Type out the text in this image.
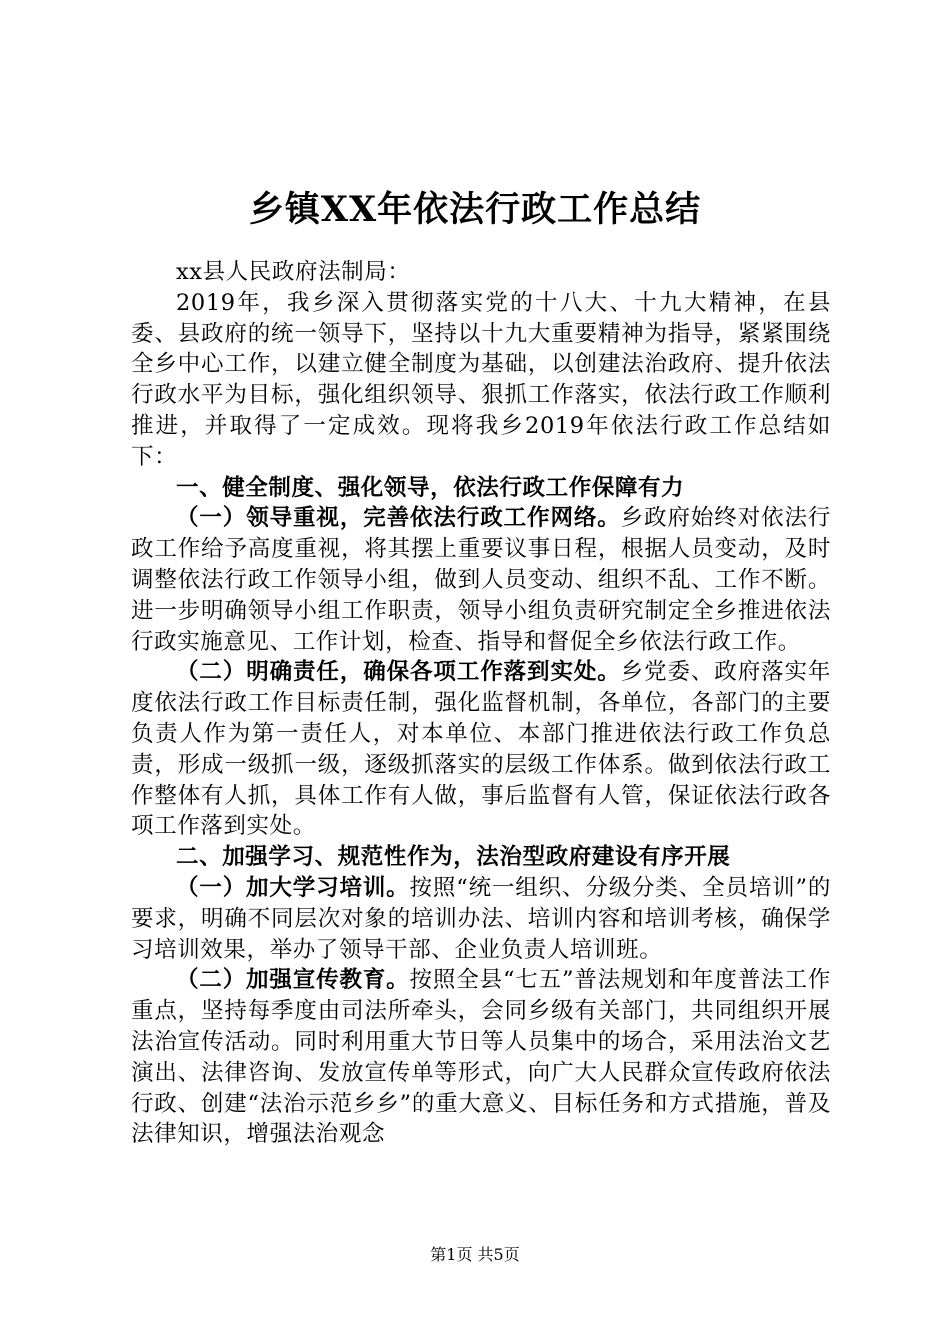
乡镇XX年依法行政工作总结

xx县人民政府法制局：

2019年，我乡深入贯彻落实党的十八大、十九大精神，在县委、县政府的统一领导下，坚持以十九大重要精神为指导，紧紧围绕全乡中心工作，以建立健全制度为基础，以创建法治政府、提升依法行政水平为目标，强化组织领导、狠抓工作落实，依法行政工作顺利推进，并取得了一定成效。现将我乡2019年依法行政工作总结如下：

一、健全制度、强化领导，依法行政工作保障有力

（一）领导重视，完善依法行政工作网络。乡政府始终对依法行政工作给予高度重视，将其摆上重要议事日程，根据人员变动，及时调整依法行政工作领导小组，做到人员变动、组织不乱、工作不断。进一步明确领导小组工作职责，领导小组负责研究制定全乡推进依法行政实施意见、工作计划，检查、指导和督促全乡依法行政工作。

（二）明确责任，确保各项工作落到实处。乡党委、政府落实年度依法行政工作目标责任制，强化监督机制，各单位，各部门的主要负责人作为第一责任人，对本单位、本部门推进依法行政工作负总责，形成一级抓一级，逐级抓落实的层级工作体系。做到依法行政工作整体有人抓，具体工作有人做，事后监督有人管，保证依法行政各项工作落到实处。

二、加强学习、规范性作为，法治型政府建设有序开展

（一）加大学习培训。按照“统一组织、分级分类、全员培训”的要求，明确不同层次对象的培训办法、培训内容和培训考核，确保学习培训效果，举办了领导干部、企业负责人培训班。

（二）加强宣传教育。按照全县“七五”普法规划和年度普法工作重点，坚持每季度由司法所牵头，会同乡级有关部门，共同组织开展法治宣传活动。同时利用重大节日等人员集中的场合，采用法治文艺演出、法律咨询、发放宣传单等形式，向广大人民群众宣传政府依法行政、创建“法治示范乡乡”的重大意义、目标任务和方式措施，普及法律知识，增强法治观念

第1页 共5页
